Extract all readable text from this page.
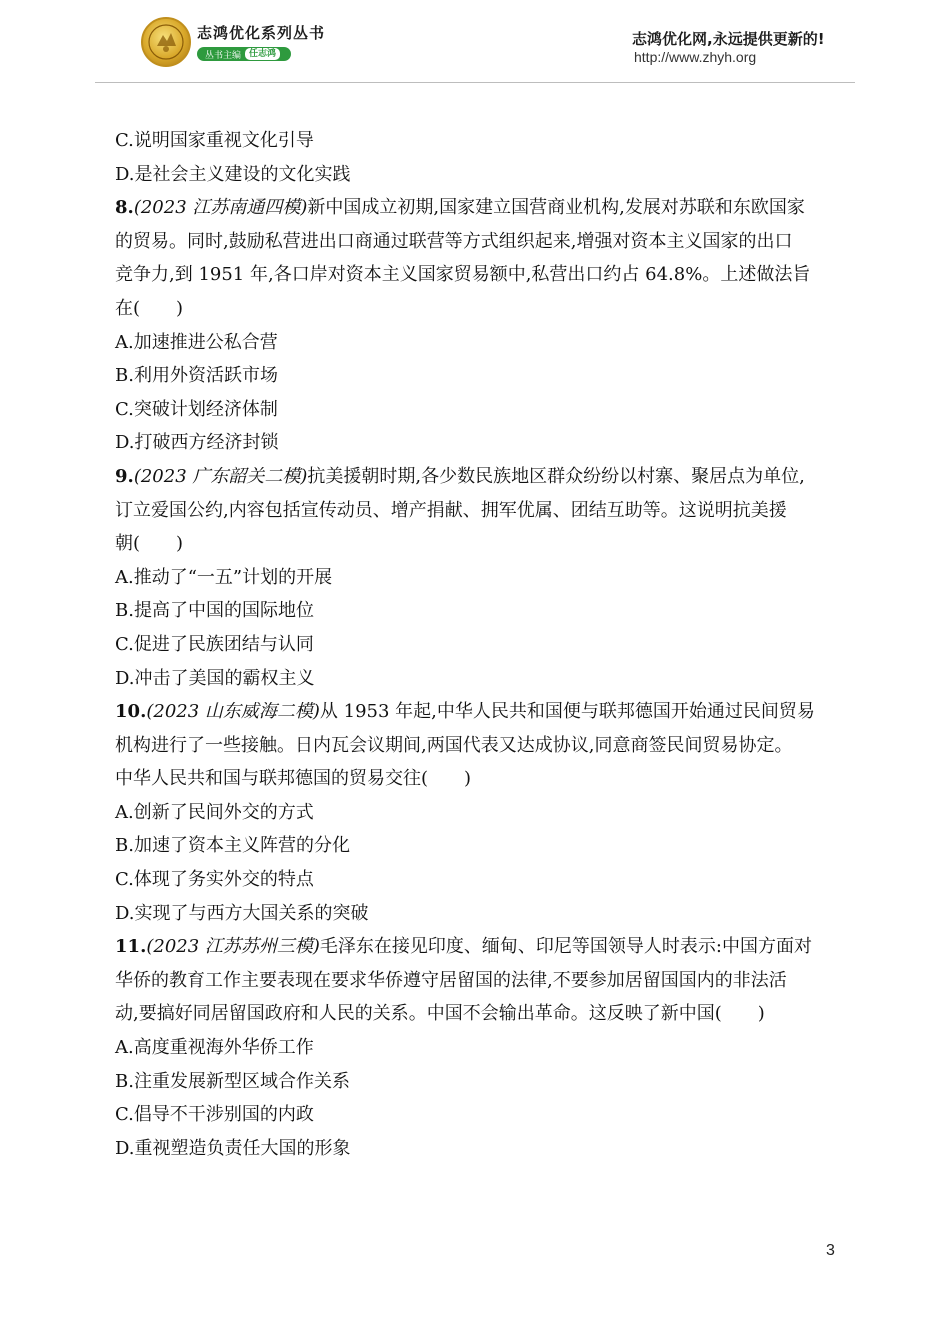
志鸿优化系列丛书
丛书主编 任志鸿
志鸿优化网,永远提供更新的!
http://www.zhyh.org
C.说明国家重视文化引导
D.是社会主义建设的文化实践
8.(2023 江苏南通四模)新中国成立初期,国家建立国营商业机构,发展对苏联和东欧国家
的贸易。同时,鼓励私营进出口商通过联营等方式组织起来,增强对资本主义国家的出口
竞争力,到 1951 年,各口岸对资本主义国家贸易额中,私营出口约占 64.8%。上述做法旨
在( )
A.加速推进公私合营
B.利用外资活跃市场
C.突破计划经济体制
D.打破西方经济封锁
9.(2023 广东韶关二模)抗美援朝时期,各少数民族地区群众纷纷以村寨、聚居点为单位,
订立爱国公约,内容包括宣传动员、增产捐献、拥军优属、团结互助等。这说明抗美援
朝( )
A.推动了“一五”计划的开展
B.提高了中国的国际地位
C.促进了民族团结与认同
D.冲击了美国的霸权主义
10.(2023 山东威海二模)从 1953 年起,中华人民共和国便与联邦德国开始通过民间贸易
机构进行了一些接触。日内瓦会议期间,两国代表又达成协议,同意商签民间贸易协定。
中华人民共和国与联邦德国的贸易交往( )
A.创新了民间外交的方式
B.加速了资本主义阵营的分化
C.体现了务实外交的特点
D.实现了与西方大国关系的突破
11.(2023 江苏苏州三模)毛泽东在接见印度、缅甸、印尼等国领导人时表示:中国方面对
华侨的教育工作主要表现在要求华侨遵守居留国的法律,不要参加居留国国内的非法活
动,要搞好同居留国政府和人民的关系。中国不会输出革命。这反映了新中国( )
A.高度重视海外华侨工作
B.注重发展新型区域合作关系
C.倡导不干涉别国的内政
D.重视塑造负责任大国的形象
3
